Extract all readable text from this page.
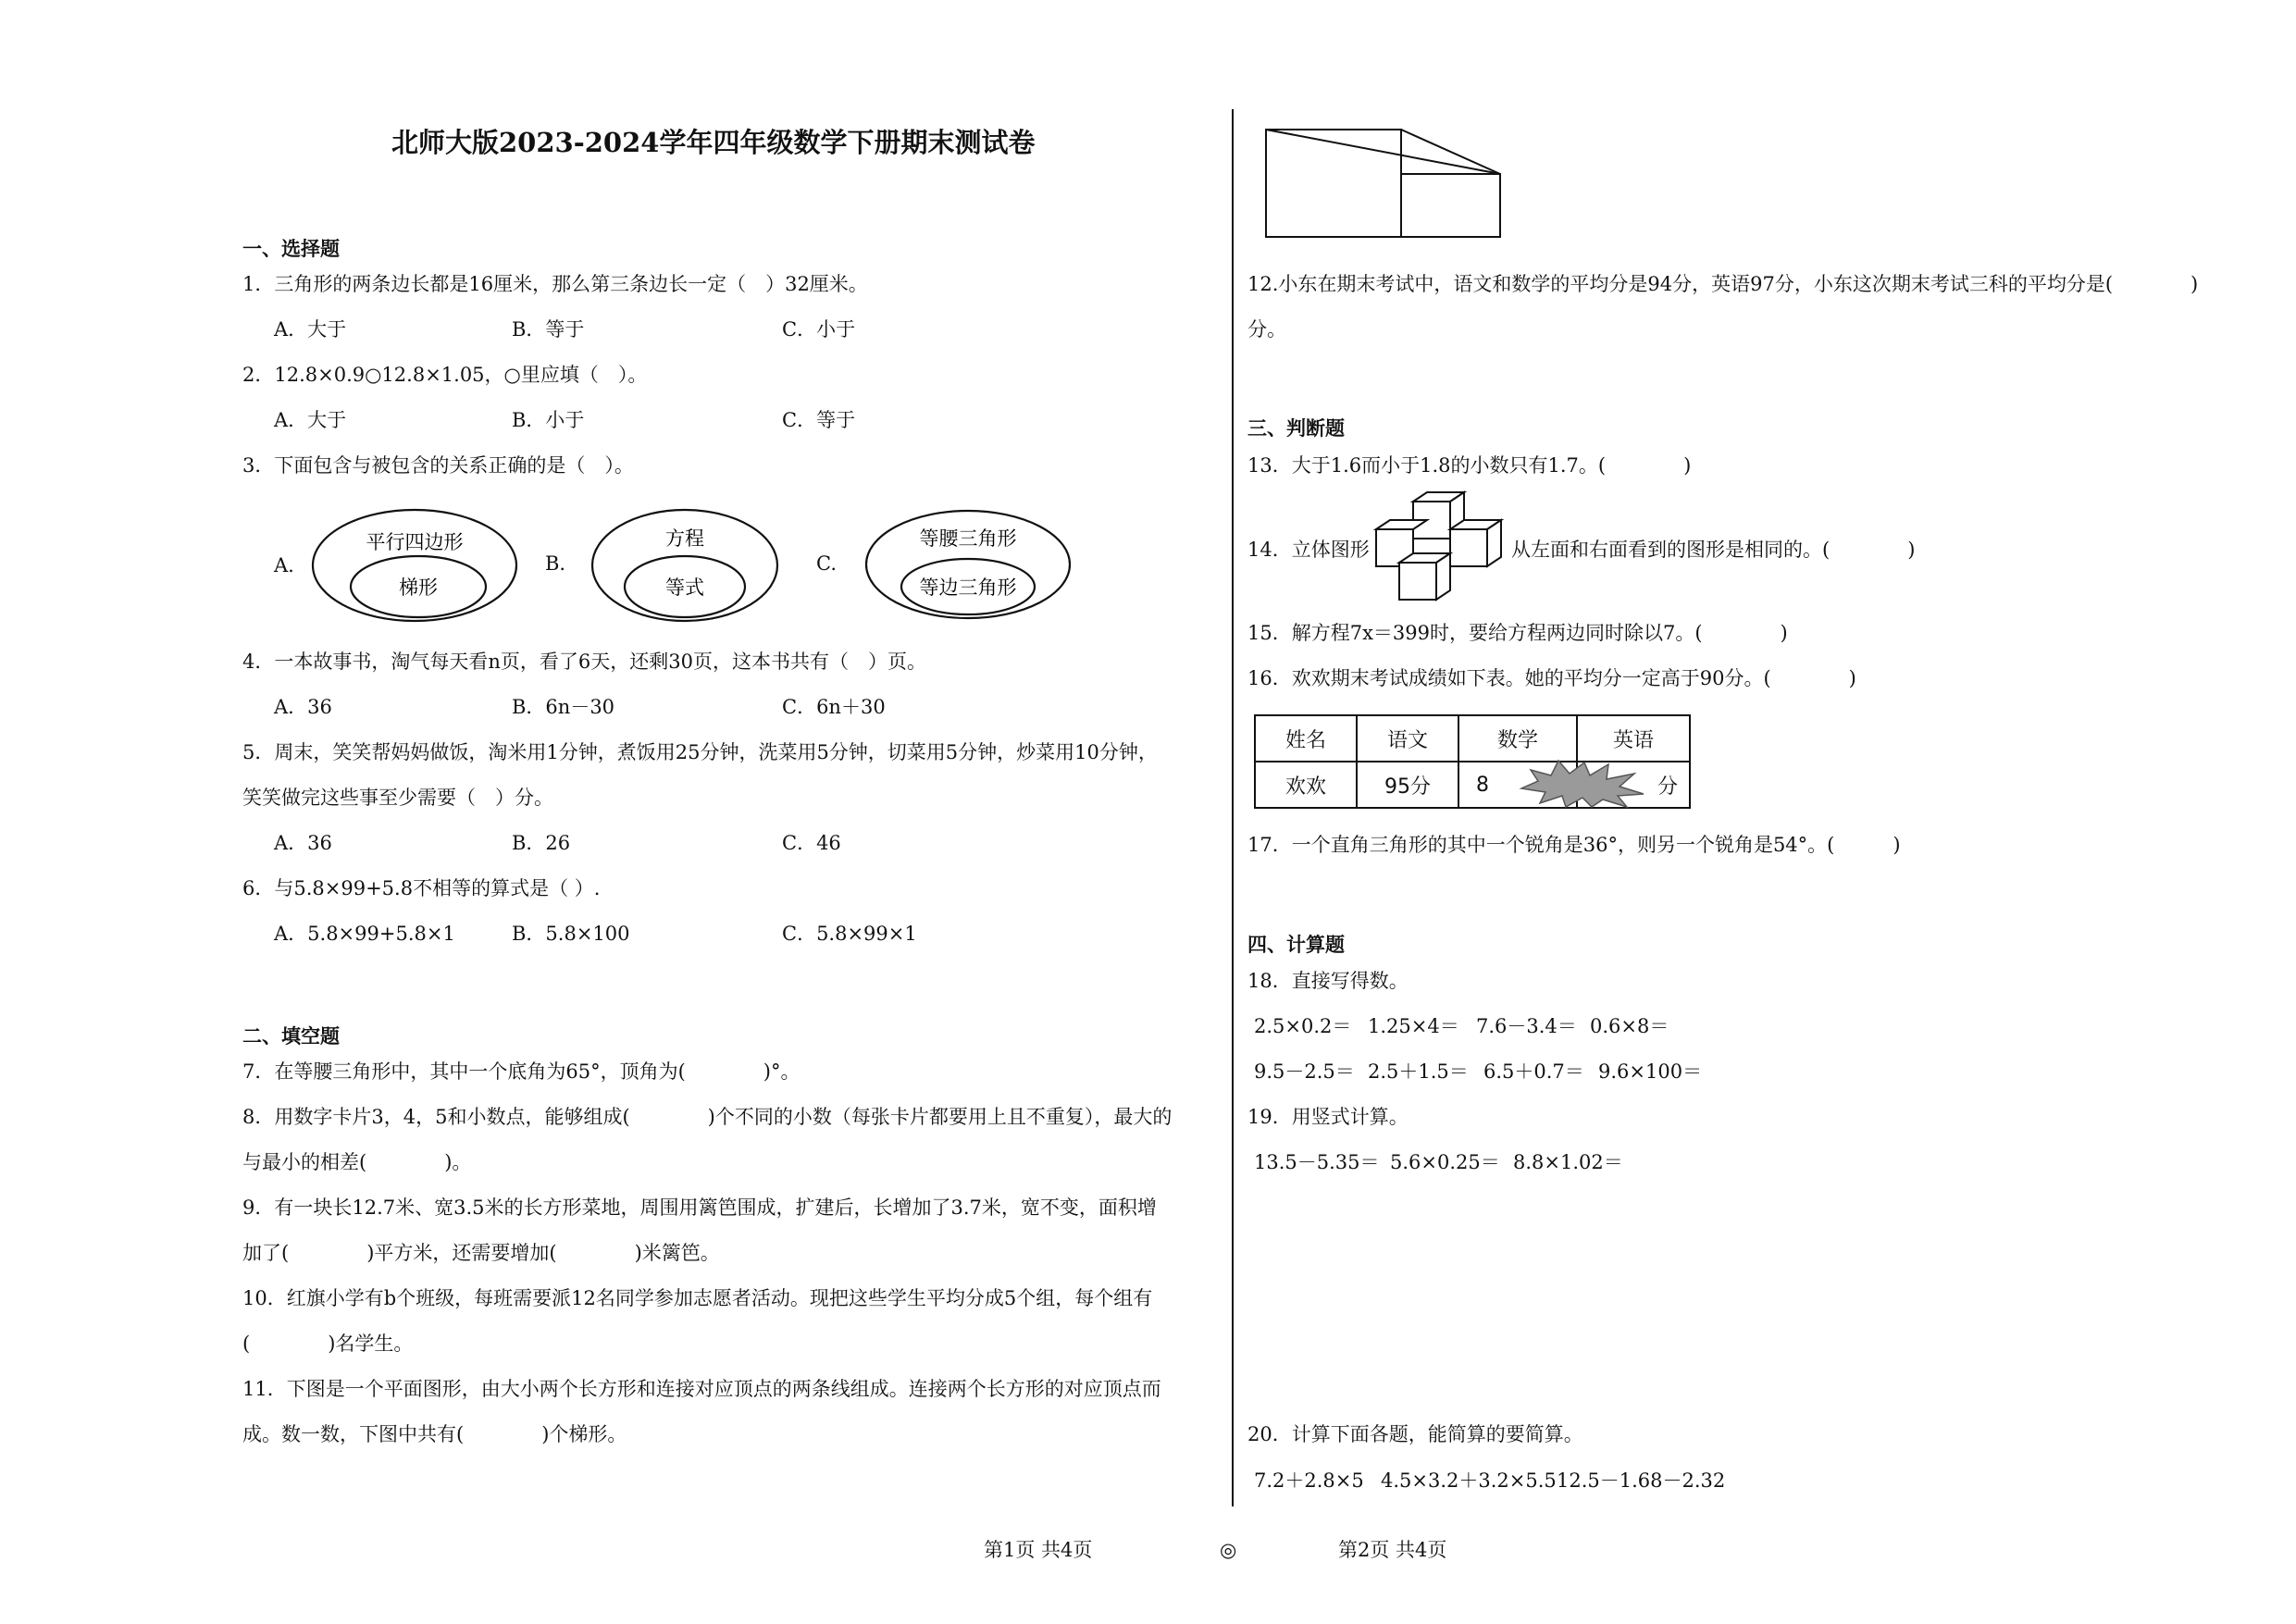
北师大版2023-2024学年四年级数学下册期末测试卷
一、选择题
1．三角形的两条边长都是16厘米，那么第三条边长一定（　）32厘米。
A．大于	B．等于	C．小于
2．12.8×0.9○12.8×1.05，○里应填（　）。
A．大于	B．小于	C．等于
3．下面包含与被包含的关系正确的是（　）。
A.	B.	C.
平行四边形
梯形
方程
等式
等腰三角形
等边三角形
4．一本故事书，淘气每天看n页，看了6天，还剩30页，这本书共有（　）页。
A．36	B．6n－30	C．6n＋30
5．周末，笑笑帮妈妈做饭，淘米用1分钟，煮饭用25分钟，洗菜用5分钟，切菜用5分钟，炒菜用10分钟，
笑笑做完这些事至少需要（　）分。
A．36	B．26	C．46
6．与5.8×99+5.8不相等的算式是（ ）.
A．5.8×99+5.8×1	B．5.8×100	C．5.8×99×1
二、填空题
7．在等腰三角形中，其中一个底角为65°，顶角为(　　　　)°。
8．用数字卡片3，4，5和小数点，能够组成(　　　　)个不同的小数（每张卡片都要用上且不重复），最大的
与最小的相差(　　　　)。
9．有一块长12.7米、宽3.5米的长方形菜地，周围用篱笆围成，扩建后，长增加了3.7米，宽不变，面积增
加了(　　　　)平方米，还需要增加(　　　　)米篱笆。
10．红旗小学有b个班级，每班需要派12名同学参加志愿者活动。现把这些学生平均分成5个组，每个组有
(　　　　)名学生。
11．下图是一个平面图形，由大小两个长方形和连接对应顶点的两条线组成。连接两个长方形的对应顶点而
成。数一数，下图中共有(　　　　)个梯形。
12.小东在期末考试中，语文和数学的平均分是94分，英语97分，小东这次期末考试三科的平均分是(　　　　)
分。
三、判断题
13．大于1.6而小于1.8的小数只有1.7。(　　　　)
14．立体图形	从左面和右面看到的图形是相同的。(　　　　)
15．解方程7x＝399时，要给方程两边同时除以7。(　　　　)
16．欢欢期末考试成绩如下表。她的平均分一定高于90分。(　　　　)
姓名	语文	数学	英语
欢欢	95分	8	分
17．一个直角三角形的其中一个锐角是36°，则另一个锐角是54°。(　　　)
四、计算题
18．直接写得数。
2.5×0.2＝ 1.25×4＝ 7.6－3.4＝ 0.6×8＝
9.5－2.5＝ 2.5＋1.5＝ 6.5＋0.7＝ 9.6×100＝
19．用竖式计算。
13.5－5.35＝ 5.6×0.25＝ 8.8×1.02＝
20．计算下面各题，能简算的要简算。
7.2＋2.8×5 4.5×3.2＋3.2×5.5 12.5－1.68－2.32
第1页 共4页	◎	第2页 共4页
